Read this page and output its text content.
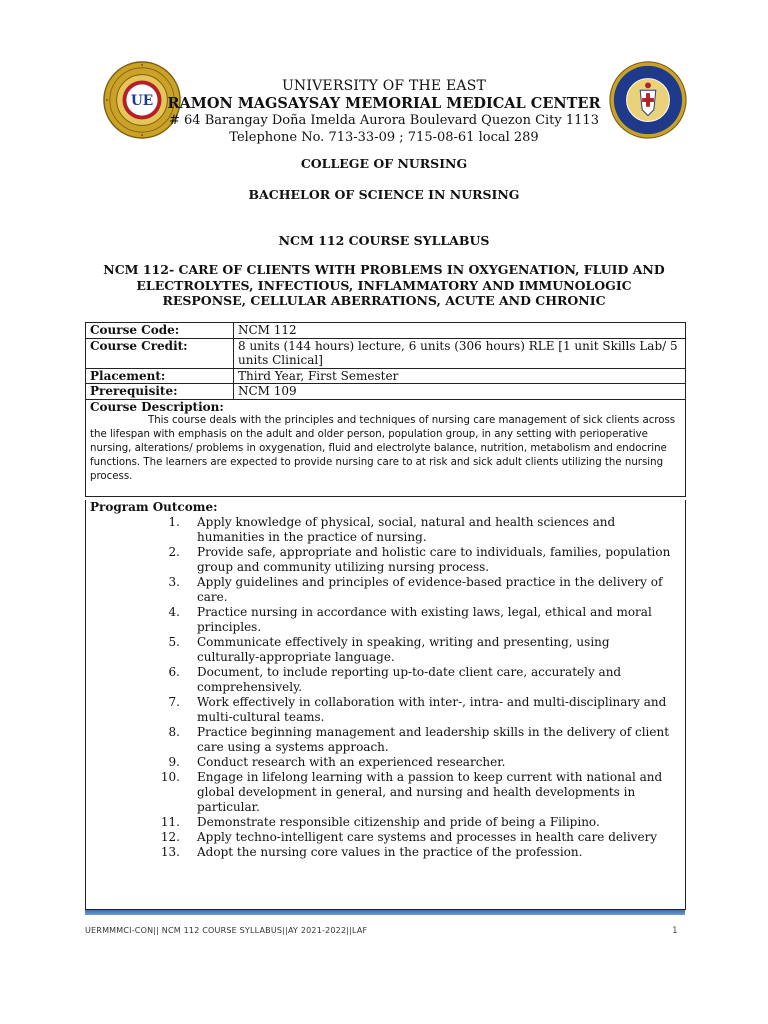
UE
UNIVERSITY OF THE EAST
RAMON MAGSAYSAY MEMORIAL MEDICAL CENTER
# 64 Barangay Doña Imelda Aurora Boulevard Quezon City 1113
Telephone No. 713-33-09 ; 715-08-61 local 289
COLLEGE OF NURSING
BACHELOR OF SCIENCE IN NURSING
NCM 112 COURSE SYLLABUS
NCM 112- CARE OF CLIENTS WITH PROBLEMS IN OXYGENATION, FLUID AND
ELECTROLYTES, INFECTIOUS, INFLAMMATORY AND IMMUNOLOGIC
RESPONSE, CELLULAR ABERRATIONS, ACUTE AND CHRONIC
Course Code:	NCM 112
Course Credit:	8 units (144 hours) lecture, 6 units (306 hours) RLE [1 unit Skills Lab/ 5 units Clinical]
Placement:	Third Year, First Semester
Prerequisite:	NCM 109

Course Description:
This course deals with the principles and techniques of nursing care management of sick clients across the lifespan with emphasis on the adult and older person, population group, in any setting with perioperative nursing, alterations/ problems in oxygenation, fluid and electrolyte balance, nutrition, metabolism and endocrine functions. The learners are expected to provide nursing care to at risk and sick adult clients utilizing the nursing process.	
Program Outcome:
1. Apply knowledge of physical, social, natural and health sciences and humanities in the practice of nursing.
2. Provide safe, appropriate and holistic care to individuals, families, population group and community utilizing nursing process.
3. Apply guidelines and principles of evidence-based practice in the delivery of care.
4. Practice nursing in accordance with existing laws, legal, ethical and moral principles.
5. Communicate effectively in speaking, writing and presenting, using culturally-appropriate language.
6. Document, to include reporting up-to-date client care, accurately and comprehensively.
7. Work effectively in collaboration with inter-, intra- and multi-disciplinary and multi-cultural teams.
8. Practice beginning management and leadership skills in the delivery of client care using a systems approach.
9. Conduct research with an experienced researcher.
10. Engage in lifelong learning with a passion to keep current with national and global development in general, and nursing and health developments in particular.
11. Demonstrate responsible citizenship and pride of being a Filipino.
12. Apply techno-intelligent care systems and processes in health care delivery
13. Adopt the nursing core values in the practice of the profession.
UERMMMCI-CON|| NCM 112 COURSE SYLLABUS||AY 2021-2022||LAF	1
